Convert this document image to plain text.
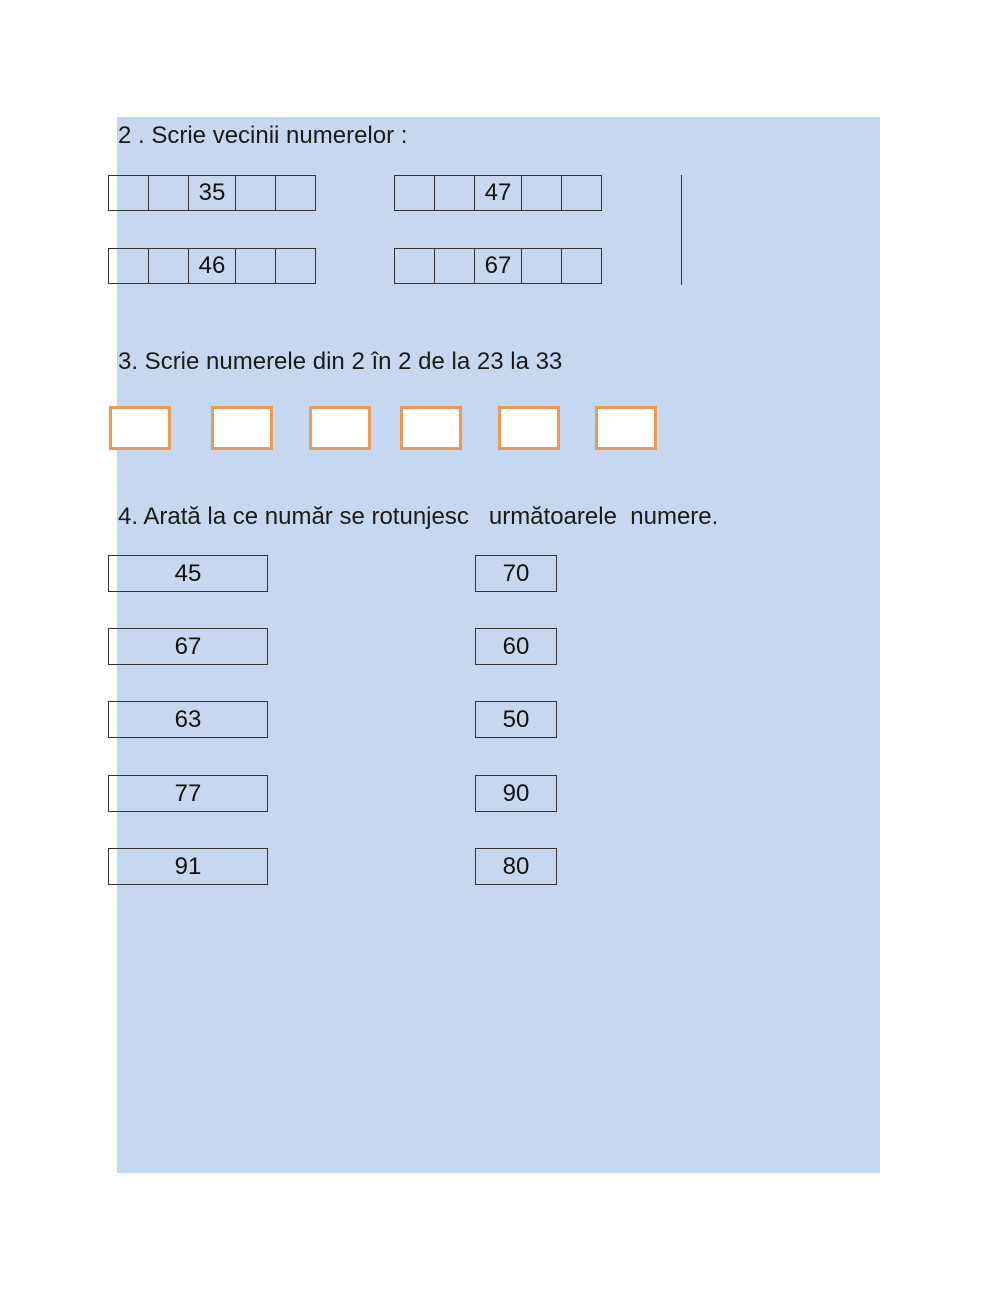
2 . Scrie vecinii numerelor :
35	47
46	67
3. Scrie numerele din 2 în 2 de la 23 la 33
4. Arată la ce număr se rotunjesc   următoarele  numere.
45
67
63
77
91
70
60
50
90
80
